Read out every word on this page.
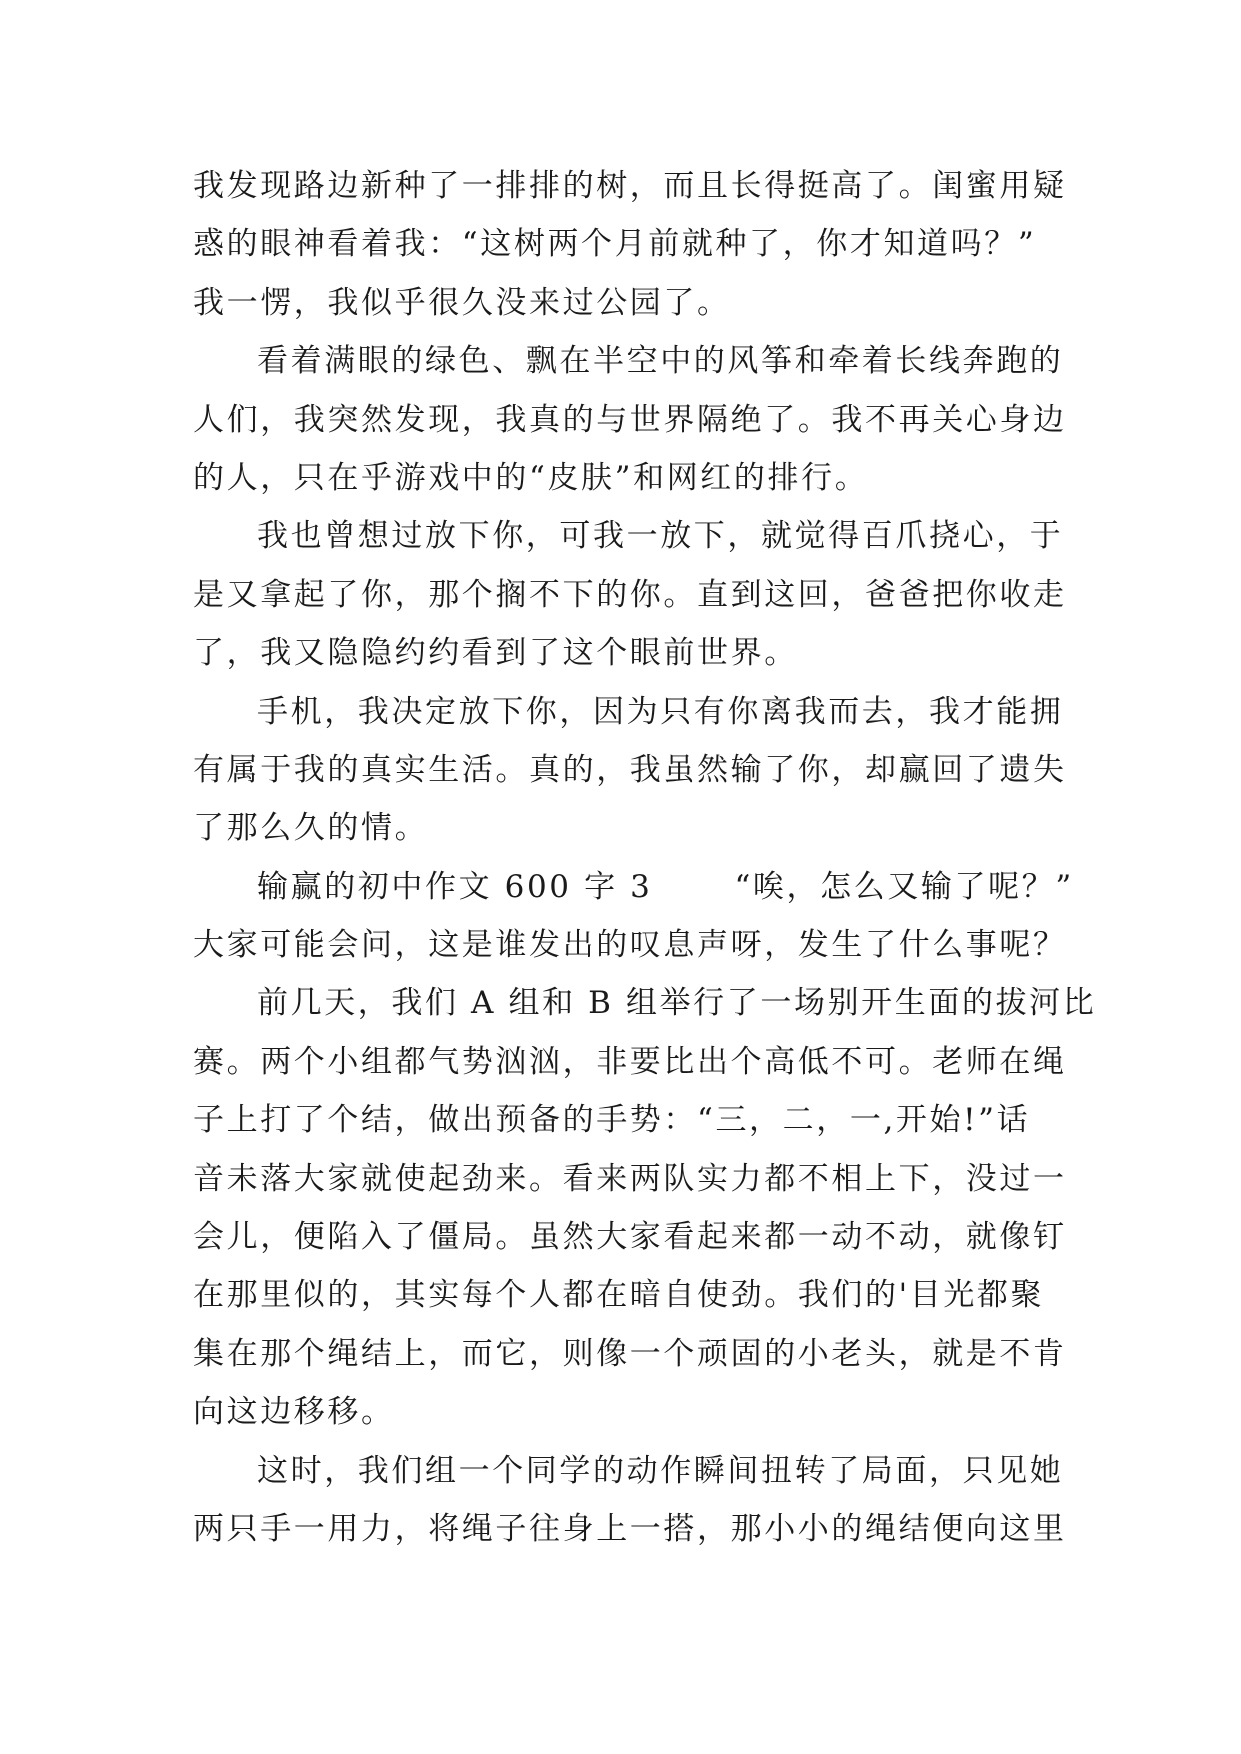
我发现路边新种了一排排的树，而且长得挺高了。闺蜜用疑
惑的眼神看着我：“这树两个月前就种了，你才知道吗？”
我一愣，我似乎很久没来过公园了。
看着满眼的绿色、飘在半空中的风筝和牵着长线奔跑的
人们，我突然发现，我真的与世界隔绝了。我不再关心身边
的人，只在乎游戏中的“皮肤”和网红的排行。
我也曾想过放下你，可我一放下，就觉得百爪挠心，于
是又拿起了你，那个搁不下的你。直到这回，爸爸把你收走
了，我又隐隐约约看到了这个眼前世界。
手机，我决定放下你，因为只有你离我而去，我才能拥
有属于我的真实生活。真的，我虽然输了你，却赢回了遗失
了那么久的情。
输赢的初中作文 600 字 3	“唉，怎么又输了呢？”
大家可能会问，这是谁发出的叹息声呀，发生了什么事呢？
前几天，我们 A 组和 B 组举行了一场别开生面的拔河比
赛。两个小组都气势汹汹，非要比出个高低不可。老师在绳
子上打了个结，做出预备的手势：“三，二，一,开始!”话
音未落大家就使起劲来。看来两队实力都不相上下，没过一
会儿，便陷入了僵局。虽然大家看起来都一动不动，就像钉
在那里似的，其实每个人都在暗自使劲。我们的'目光都聚
集在那个绳结上，而它，则像一个顽固的小老头，就是不肯
向这边移移。
这时，我们组一个同学的动作瞬间扭转了局面，只见她
两只手一用力，将绳子往身上一搭，那小小的绳结便向这里
